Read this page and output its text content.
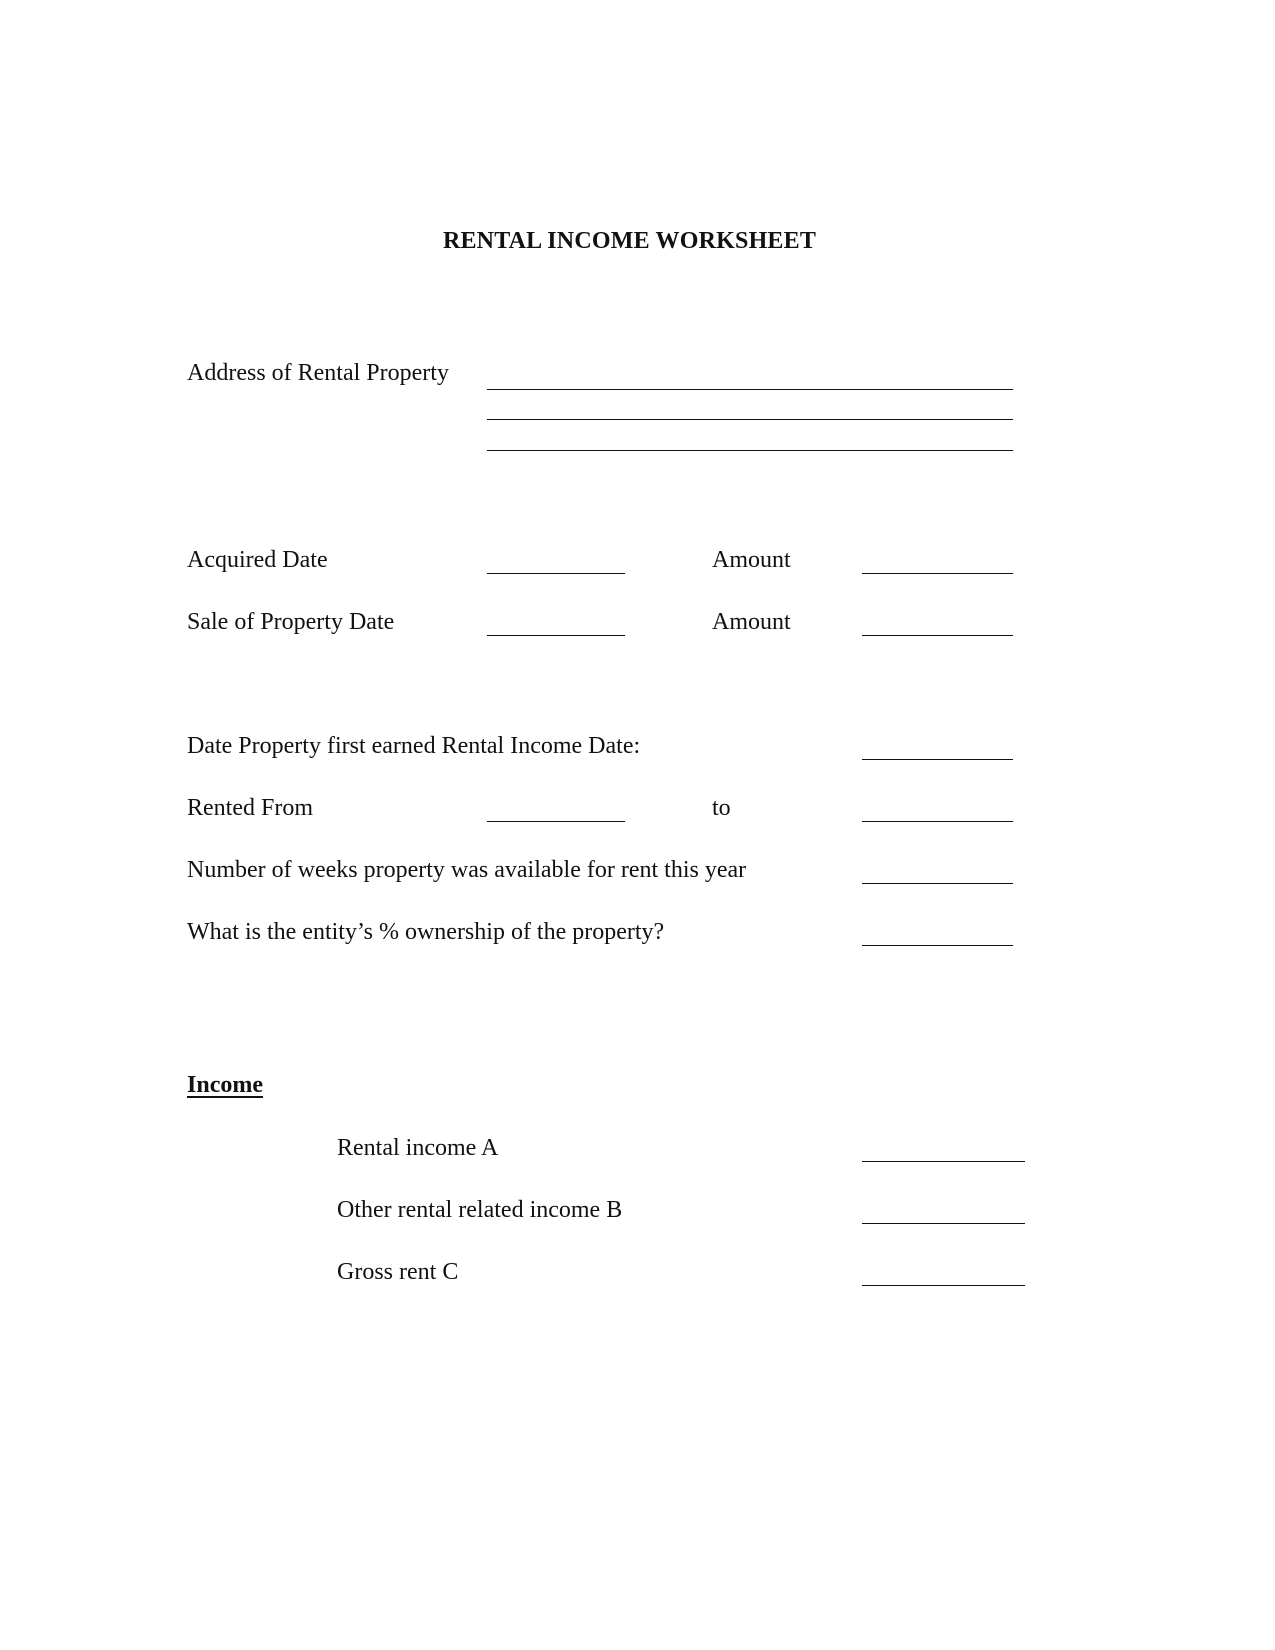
RENTAL INCOME WORKSHEET
Address of Rental Property
Acquired Date	Amount
Sale of Property Date	Amount
Date Property first earned Rental Income Date:
Rented From	to
Number of weeks property was available for rent this year
What is the entity’s % ownership of the property?
Income
Rental income A
Other rental related income B
Gross rent C
